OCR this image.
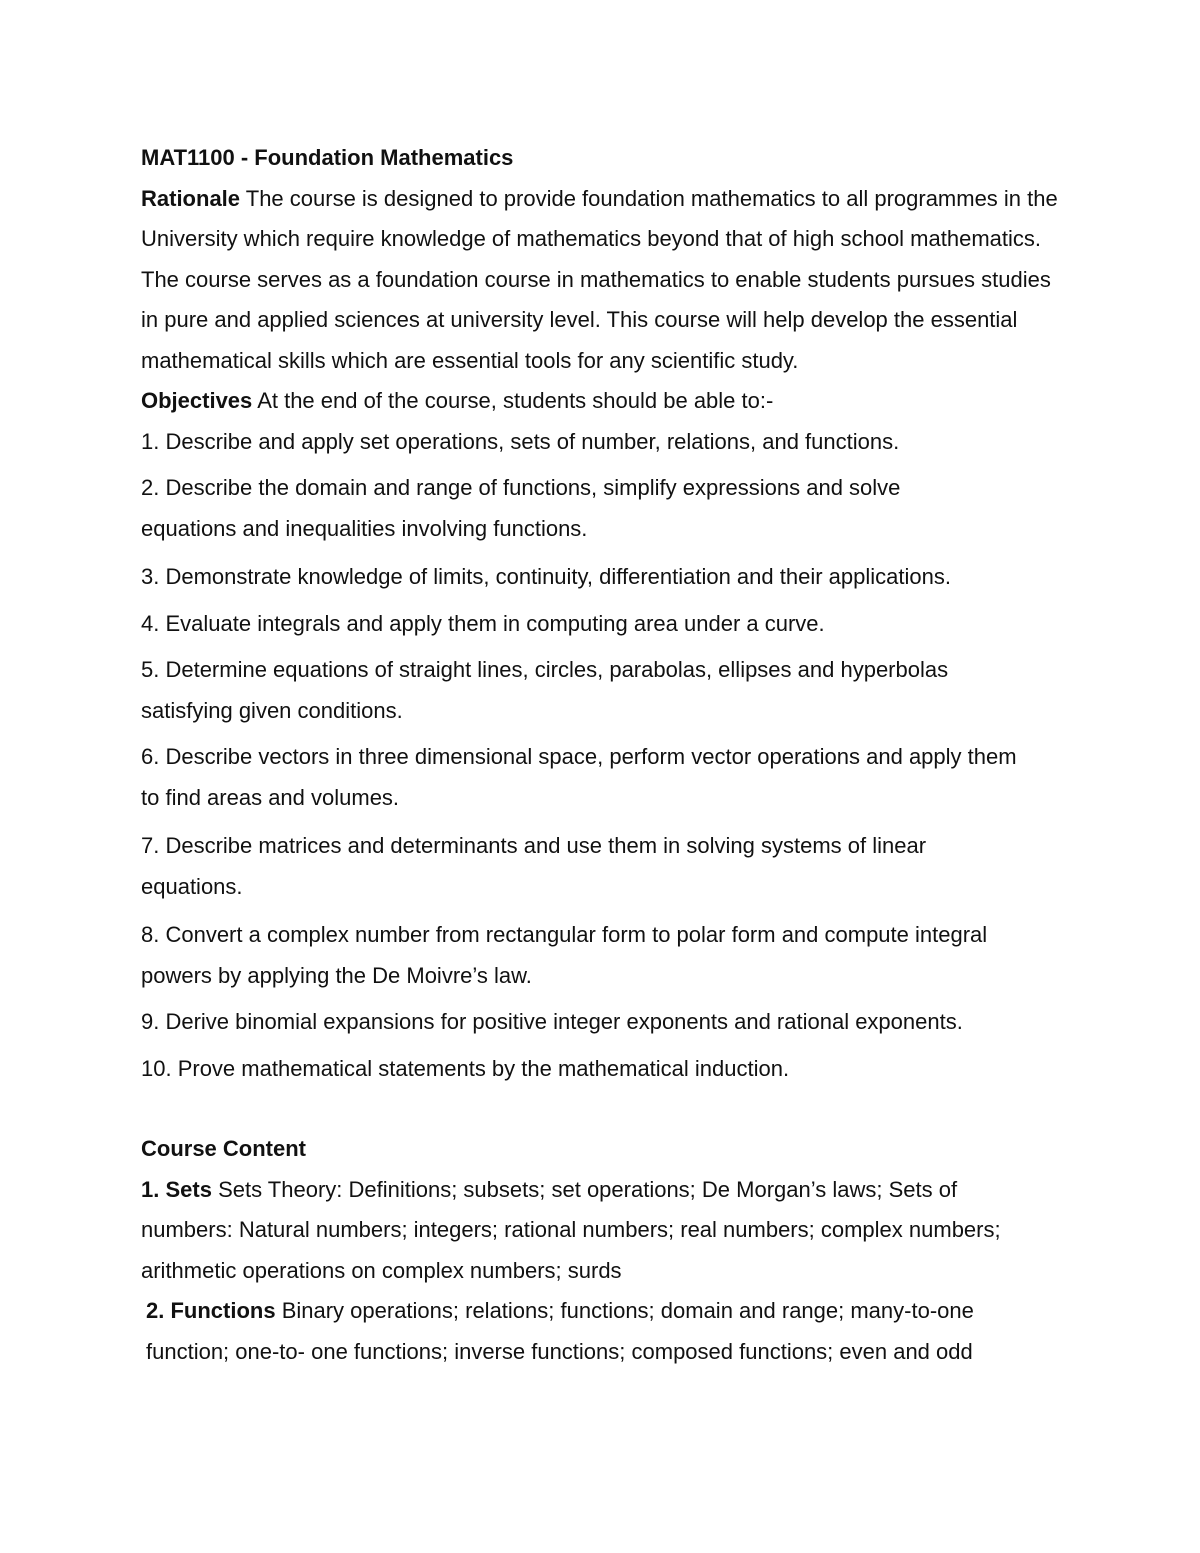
MAT1100 - Foundation Mathematics

Rationale The course is designed to provide foundation mathematics to all programmes in the University which require knowledge of mathematics beyond that of high school mathematics. The course serves as a foundation course in mathematics to enable students pursues studies in pure and applied sciences at university level. This course will help develop the essential mathematical skills which are essential tools for any scientific study.

Objectives At the end of the course, students should be able to:-

1. Describe and apply set operations, sets of number, relations, and functions.

2. Describe the domain and range of functions, simplify expressions and solve equations and inequalities involving functions.

3. Demonstrate knowledge of limits, continuity, differentiation and their applications.

4. Evaluate integrals and apply them in computing area under a curve.

5. Determine equations of straight lines, circles, parabolas, ellipses and hyperbolas satisfying given conditions.

6. Describe vectors in three dimensional space, perform vector operations and apply them to find areas and volumes.

7. Describe matrices and determinants and use them in solving systems of linear equations.

8. Convert a complex number from rectangular form to polar form and compute integral powers by applying the De Moivre’s law.

9. Derive binomial expansions for positive integer exponents and rational exponents.

10. Prove mathematical statements by the mathematical induction.

Course Content

1. Sets Sets Theory: Definitions; subsets; set operations; De Morgan’s laws; Sets of numbers: Natural numbers; integers; rational numbers; real numbers; complex numbers; arithmetic operations on complex numbers; surds

2. Functions Binary operations; relations; functions; domain and range; many-to-one function; one-to- one functions; inverse functions; composed functions; even and odd
